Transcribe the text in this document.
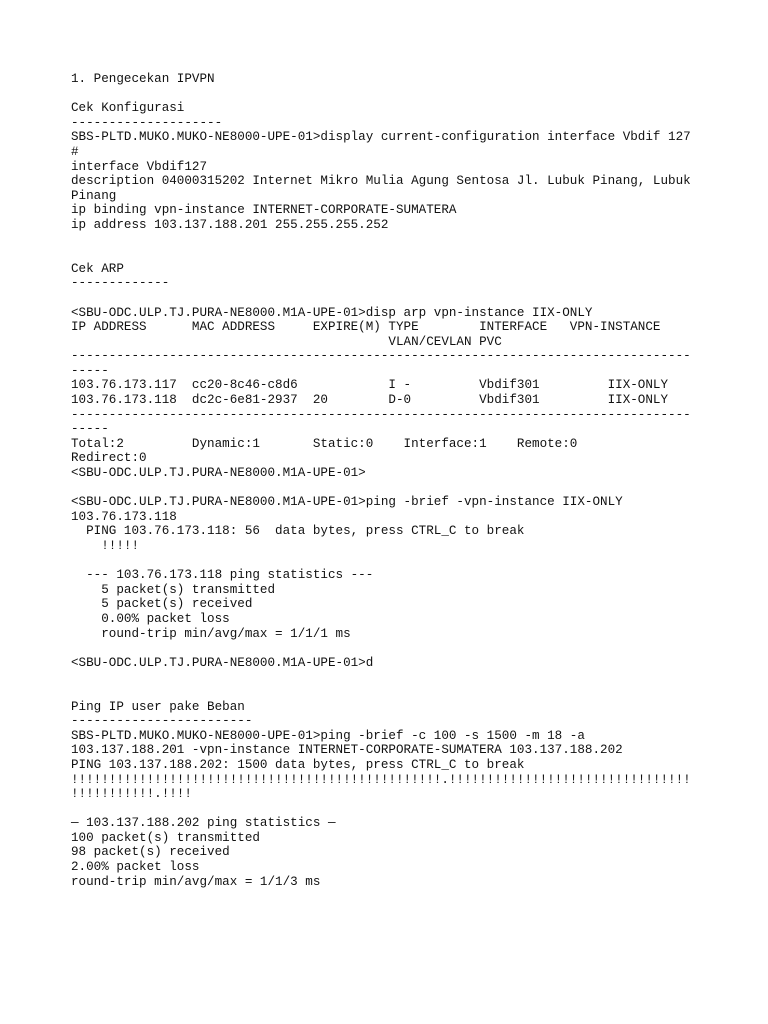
1. Pengecekan IPVPN
Cek Konfigurasi
--------------------
SBS-PLTD.MUKO.MUKO-NE8000-UPE-01>display current-configuration interface Vbdif 127
#
interface Vbdif127
description 04000315202 Internet Mikro Mulia Agung Sentosa Jl. Lubuk Pinang, Lubuk
Pinang
ip binding vpn-instance INTERNET-CORPORATE-SUMATERA
ip address 103.137.188.201 255.255.255.252
Cek ARP
-------------
<SBU-ODC.ULP.TJ.PURA-NE8000.M1A-UPE-01>disp arp vpn-instance IIX-ONLY
IP ADDRESS      MAC ADDRESS     EXPIRE(M) TYPE        INTERFACE   VPN-INSTANCE
VLAN/CEVLAN PVC
----------------------------------------------------------------------------------
-----
103.76.173.117  cc20-8c46-c8d6            I -         Vbdif301         IIX-ONLY
103.76.173.118  dc2c-6e81-2937  20        D-0         Vbdif301         IIX-ONLY
----------------------------------------------------------------------------------
-----
Total:2         Dynamic:1       Static:0    Interface:1    Remote:0
Redirect:0
<SBU-ODC.ULP.TJ.PURA-NE8000.M1A-UPE-01>
<SBU-ODC.ULP.TJ.PURA-NE8000.M1A-UPE-01>ping -brief -vpn-instance IIX-ONLY
103.76.173.118
PING 103.76.173.118: 56  data bytes, press CTRL_C to break
!!!!!
--- 103.76.173.118 ping statistics ---
5 packet(s) transmitted
5 packet(s) received
0.00% packet loss
round-trip min/avg/max = 1/1/1 ms
<SBU-ODC.ULP.TJ.PURA-NE8000.M1A-UPE-01>d
Ping IP user pake Beban
------------------------
SBS-PLTD.MUKO.MUKO-NE8000-UPE-01>ping -brief -c 100 -s 1500 -m 18 -a
103.137.188.201 -vpn-instance INTERNET-CORPORATE-SUMATERA 103.137.188.202
PING 103.137.188.202: 1500 data bytes, press CTRL_C to break
!!!!!!!!!!!!!!!!!!!!!!!!!!!!!!!!!!!!!!!!!!!!!!!!!.!!!!!!!!!!!!!!!!!!!!!!!!!!!!!!!!
!!!!!!!!!!!.!!!!
— 103.137.188.202 ping statistics —
100 packet(s) transmitted
98 packet(s) received
2.00% packet loss
round-trip min/avg/max = 1/1/3 ms
